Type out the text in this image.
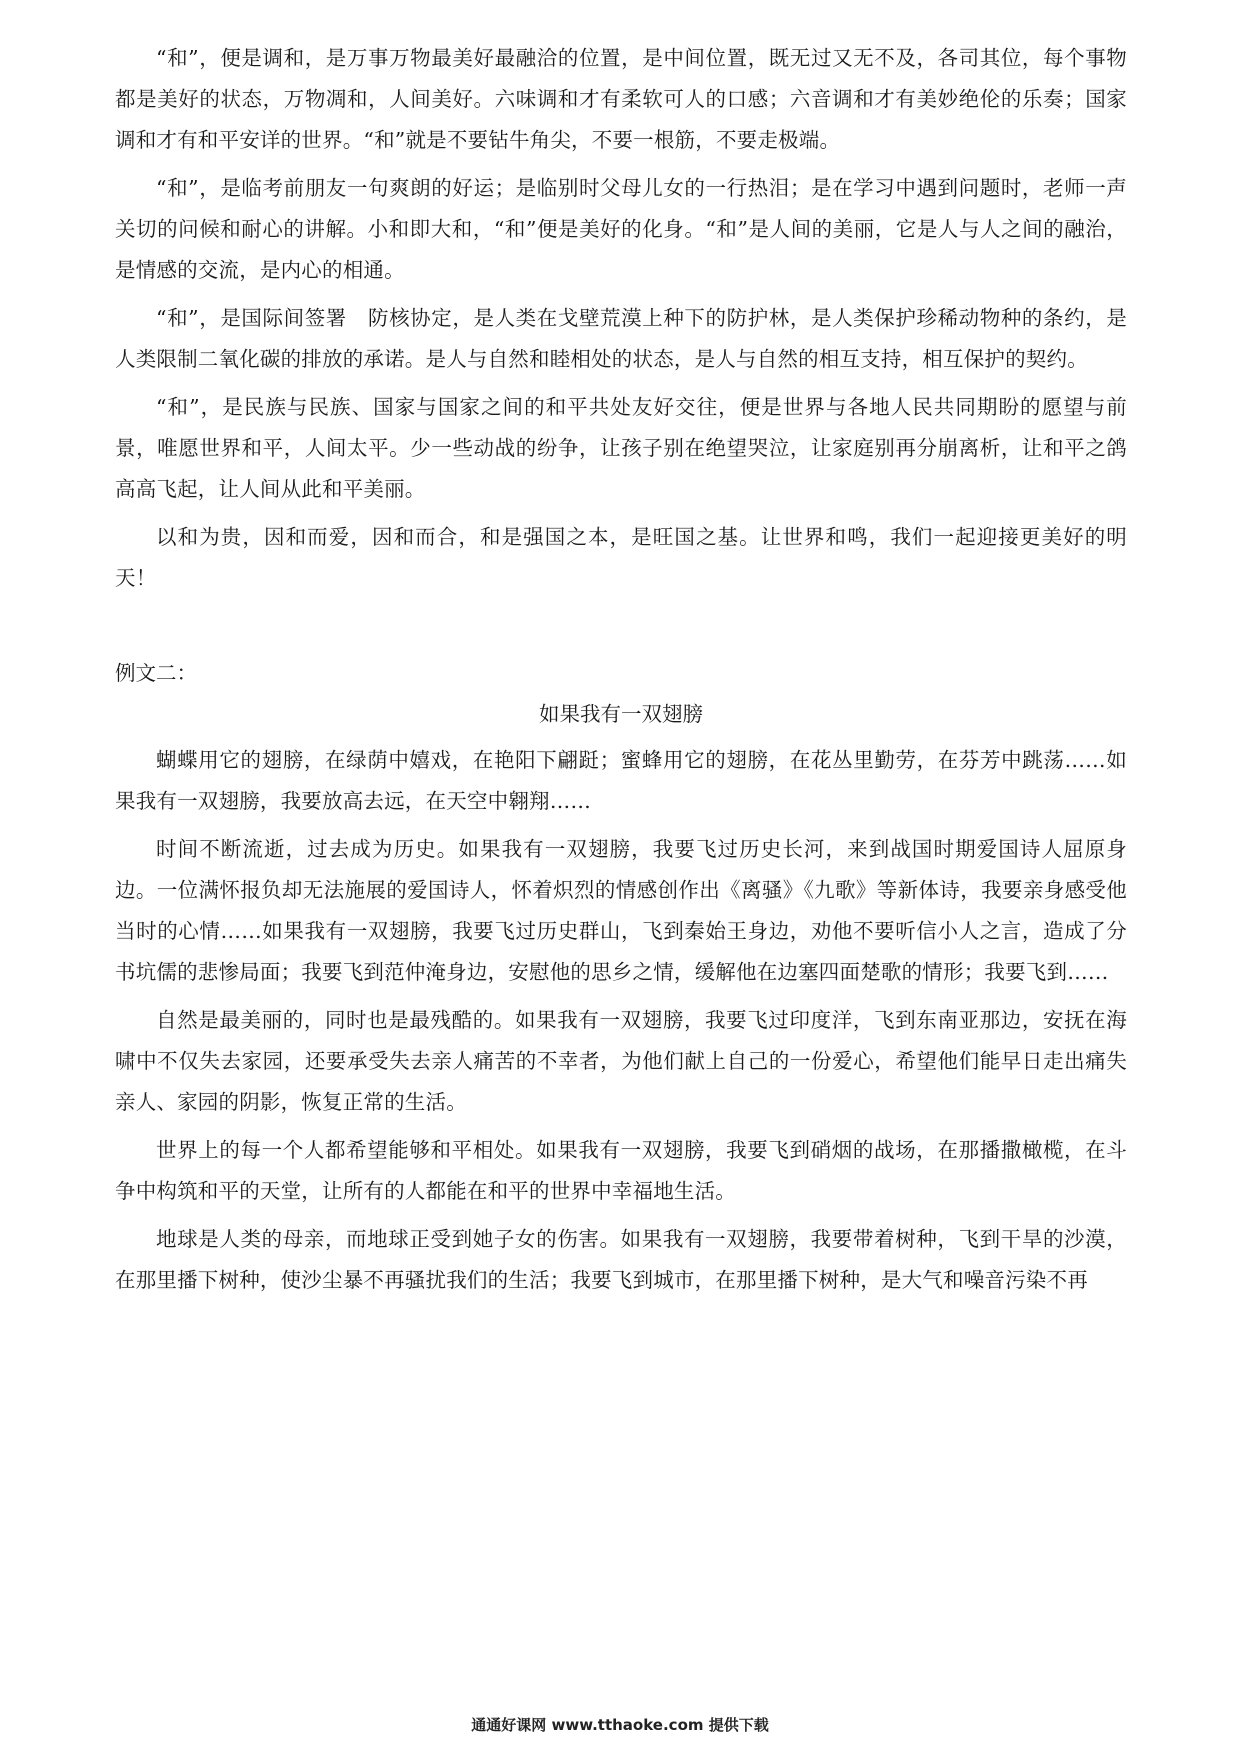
“和”，便是调和，是万事万物最美好最融洽的位置，是中间位置，既无过又无不及，各司其位，每个事物都是美好的状态，万物凋和，人间美好。六味调和才有柔软可人的口感；六音调和才有美妙绝伦的乐奏；国家调和才有和平安详的世界。“和”就是不要钻牛角尖，不要一根筋，不要走极端。

“和”，是临考前朋友一句爽朗的好运；是临别时父母儿女的一行热泪；是在学习中遇到问题时，老师一声关切的问候和耐心的讲解。小和即大和，“和”便是美好的化身。“和”是人间的美丽，它是人与人之间的融治，是情感的交流，是内心的相通。

“和”，是国际间签署　防核协定，是人类在戈壁荒漠上种下的防护林，是人类保护珍稀动物种的条约，是人类限制二氧化碳的排放的承诺。是人与自然和睦相处的状态，是人与自然的相互支持，相互保护的契约。

“和”，是民族与民族、国家与国家之间的和平共处友好交往，便是世界与各地人民共同期盼的愿望与前景，唯愿世界和平，人间太平。少一些动战的纷争，让孩子别在绝望哭泣，让家庭别再分崩离析，让和平之鸽高高飞起，让人间从此和平美丽。

以和为贵，因和而爱，因和而合，和是强国之本，是旺国之基。让世界和鸣，我们一起迎接更美好的明天！

例文二：

如果我有一双翅膀

蝴蝶用它的翅膀，在绿荫中嬉戏，在艳阳下翩跹；蜜蜂用它的翅膀，在花丛里勤劳，在芬芳中跳荡……如果我有一双翅膀，我要放高去远，在天空中翱翔……

时间不断流逝，过去成为历史。如果我有一双翅膀，我要飞过历史长河，来到战国时期爱国诗人屈原身边。一位满怀报负却无法施展的爱国诗人，怀着炽烈的情感创作出《离骚》《九歌》等新体诗，我要亲身感受他当时的心情……如果我有一双翅膀，我要飞过历史群山，飞到秦始王身边，劝他不要听信小人之言，造成了分书坑儒的悲惨局面；我要飞到范仲淹身边，安慰他的思乡之情，缓解他在边塞四面楚歌的情形；我要飞到……

自然是最美丽的，同时也是最残酷的。如果我有一双翅膀，我要飞过印度洋，飞到东南亚那边，安抚在海啸中不仅失去家园，还要承受失去亲人痛苦的不幸者，为他们献上自己的一份爱心，希望他们能早日走出痛失亲人、家园的阴影，恢复正常的生活。

世界上的每一个人都希望能够和平相处。如果我有一双翅膀，我要飞到硝烟的战场，在那播撒橄榄，在斗争中构筑和平的天堂，让所有的人都能在和平的世界中幸福地生活。

地球是人类的母亲，而地球正受到她子女的伤害。如果我有一双翅膀，我要带着树种，飞到干旱的沙漠，在那里播下树种，使沙尘暴不再骚扰我们的生活；我要飞到城市，在那里播下树种，是大气和噪音污染不再

通通好课网 www.tthaoke.com 提供下载
